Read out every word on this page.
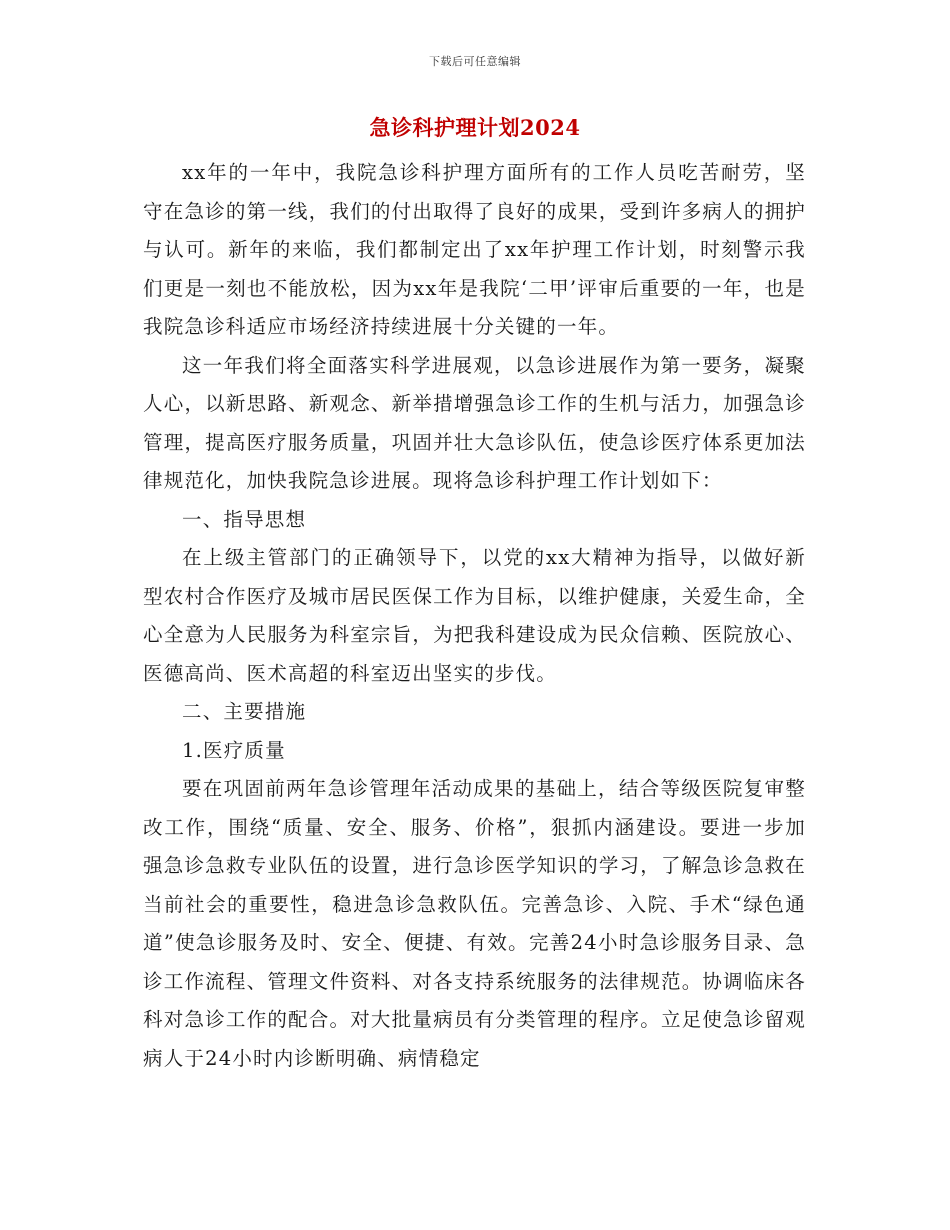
下载后可任意编辑
急诊科护理计划2024

xx年的一年中，我院急诊科护理方面所有的工作人员吃苦耐劳，坚守在急诊的第一线，我们的付出取得了良好的成果，受到许多病人的拥护与认可。新年的来临，我们都制定出了xx年护理工作计划，时刻警示我们更是一刻也不能放松，因为xx年是我院‘二甲’评审后重要的一年，也是我院急诊科适应市场经济持续进展十分关键的一年。

这一年我们将全面落实科学进展观，以急诊进展作为第一要务，凝聚人心，以新思路、新观念、新举措增强急诊工作的生机与活力，加强急诊管理，提高医疗服务质量，巩固并壮大急诊队伍，使急诊医疗体系更加法律规范化，加快我院急诊进展。现将急诊科护理工作计划如下：

一、指导思想

在上级主管部门的正确领导下，以党的xx大精神为指导，以做好新型农村合作医疗及城市居民医保工作为目标，以维护健康，关爱生命，全心全意为人民服务为科室宗旨，为把我科建设成为民众信赖、医院放心、医德高尚、医术高超的科室迈出坚实的步伐。

二、主要措施

1.医疗质量

要在巩固前两年急诊管理年活动成果的基础上，结合等级医院复审整改工作，围绕“质量、安全、服务、价格”，狠抓内涵建设。要进一步加强急诊急救专业队伍的设置，进行急诊医学知识的学习，了解急诊急救在当前社会的重要性，稳进急诊急救队伍。完善急诊、入院、手术“绿色通道”使急诊服务及时、安全、便捷、有效。完善24小时急诊服务目录、急诊工作流程、管理文件资料、对各支持系统服务的法律规范。协调临床各科对急诊工作的配合。对大批量病员有分类管理的程序。立足使急诊留观病人于24小时内诊断明确、病情稳定
